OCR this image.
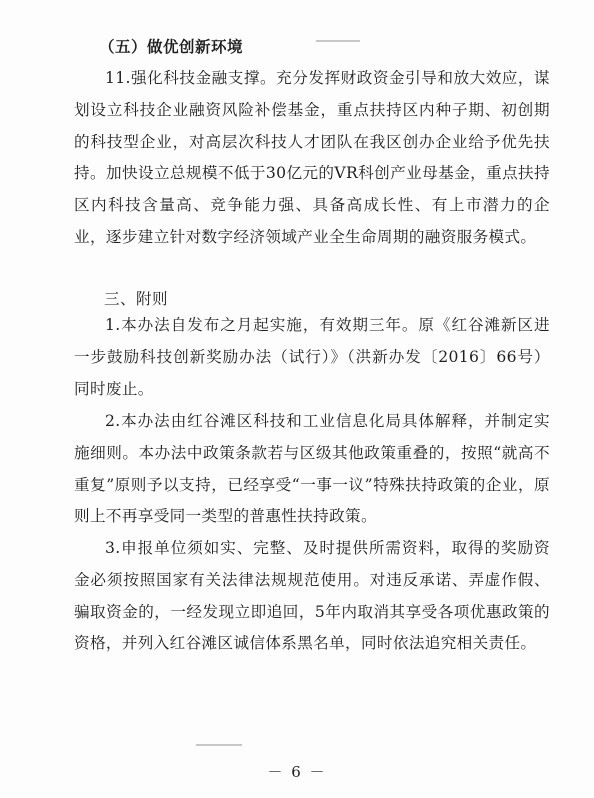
（五）做优创新环境

11.强化科技金融支撑。充分发挥财政资金引导和放大效应，谋划设立科技企业融资风险补偿基金，重点扶持区内种子期、初创期的科技型企业，对高层次科技人才团队在我区创办企业给予优先扶持。加快设立总规模不低于30亿元的VR科创产业母基金，重点扶持区内科技含量高、竞争能力强、具备高成长性、有上市潜力的企业，逐步建立针对数字经济领域产业全生命周期的融资服务模式。

三、附则

1.本办法自发布之月起实施，有效期三年。原《红谷滩新区进一步鼓励科技创新奖励办法（试行）》（洪新办发〔2016〕66号）同时废止。

2.本办法由红谷滩区科技和工业信息化局具体解释，并制定实施细则。本办法中政策条款若与区级其他政策重叠的，按照“就高不重复”原则予以支持，已经享受“一事一议”特殊扶持政策的企业，原则上不再享受同一类型的普惠性扶持政策。

3.申报单位须如实、完整、及时提供所需资料，取得的奖励资金必须按照国家有关法律法规规范使用。对违反承诺、弄虚作假、骗取资金的，一经发现立即追回，5年内取消其享受各项优惠政策的资格，并列入红谷滩区诚信体系黑名单，同时依法追究相关责任。

－ 6 －
